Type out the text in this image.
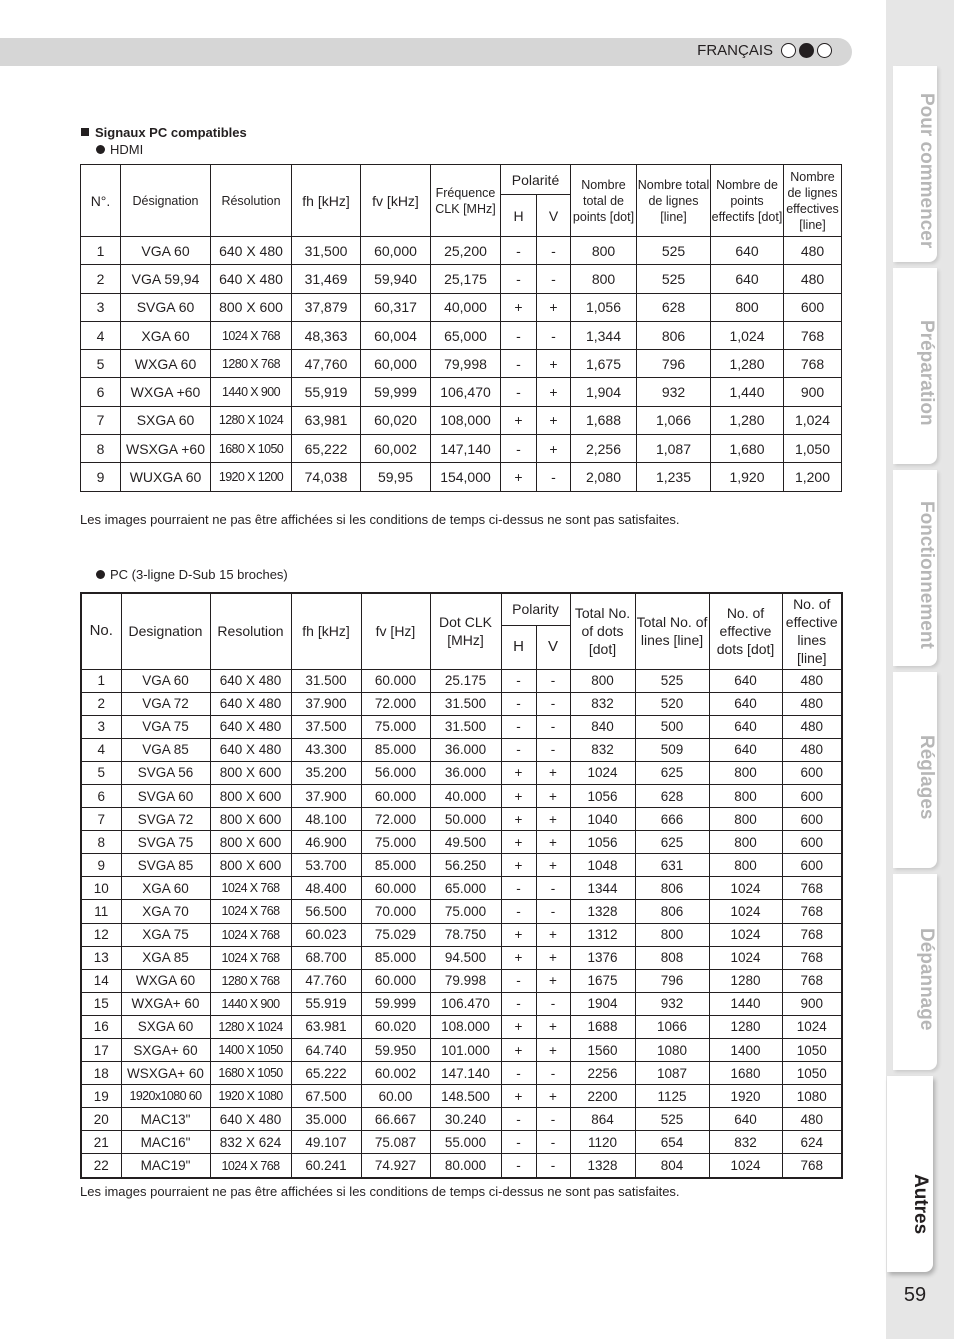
FRANÇAIS
Pour commencer
Préparation
Fonctionnement
Réglages
Dépannage
Autres
59
Signaux PC compatibles
HDMI
N°.	Désignation	Résolution	fh [kHz]	fv [kHz]	Fréquence CLK [MHz]	Polarité		Nombre total de points [dot]	Nombre total de lignes [line]	Nombre de points effectifs [dot]	Nombre de lignes effectives [line]
						H	V				
1	VGA 60	640 X 480	31,500	60,000	25,200	-	-	800	525	640	480
2	VGA 59,94	640 X 480	31,469	59,940	25,175	-	-	800	525	640	480
3	SVGA 60	800 X 600	37,879	60,317	40,000	+	+	1,056	628	800	600
4	XGA 60	1024 X 768	48,363	60,004	65,000	-	-	1,344	806	1,024	768
5	WXGA 60	1280 X 768	47,760	60,000	79,998	-	+	1,675	796	1,280	768
6	WXGA +60	1440 X 900	55,919	59,999	106,470	-	+	1,904	932	1,440	900
7	SXGA 60	1280 X 1024	63,981	60,020	108,000	+	+	1,688	1,066	1,280	1,024
8	WSXGA +60	1680 X 1050	65,222	60,002	147,140	-	+	2,256	1,087	1,680	1,050
9	WUXGA 60	1920 X 1200	74,038	59,95	154,000	+	-	2,080	1,235	1,920	1,200
Les images pourraient ne pas être affichées si les conditions de temps ci-dessus ne sont pas satisfaites.
PC (3-ligne D-Sub 15 broches)
No.	Designation	Resolution	fh [kHz]	fv [Hz]	Dot CLK [MHz]	Polarity		Total No. of dots [dot]	Total No. of lines [line]	No. of effective dots [dot]	No. of effective lines [line]
						H	V				
1	VGA 60	640 X 480	31.500	60.000	25.175	-	-	800	525	640	480
2	VGA 72	640 X 480	37.900	72.000	31.500	-	-	832	520	640	480
3	VGA 75	640 X 480	37.500	75.000	31.500	-	-	840	500	640	480
4	VGA 85	640 X 480	43.300	85.000	36.000	-	-	832	509	640	480
5	SVGA 56	800 X 600	35.200	56.000	36.000	+	+	1024	625	800	600
6	SVGA 60	800 X 600	37.900	60.000	40.000	+	+	1056	628	800	600
7	SVGA 72	800 X 600	48.100	72.000	50.000	+	+	1040	666	800	600
8	SVGA 75	800 X 600	46.900	75.000	49.500	+	+	1056	625	800	600
9	SVGA 85	800 X 600	53.700	85.000	56.250	+	+	1048	631	800	600
10	XGA 60	1024 X 768	48.400	60.000	65.000	-	-	1344	806	1024	768
11	XGA 70	1024 X 768	56.500	70.000	75.000	-	-	1328	806	1024	768
12	XGA 75	1024 X 768	60.023	75.029	78.750	+	+	1312	800	1024	768
13	XGA 85	1024 X 768	68.700	85.000	94.500	+	+	1376	808	1024	768
14	WXGA 60	1280 X 768	47.760	60.000	79.998	-	+	1675	796	1280	768
15	WXGA+ 60	1440 X 900	55.919	59.999	106.470	-	-	1904	932	1440	900
16	SXGA 60	1280 X 1024	63.981	60.020	108.000	+	+	1688	1066	1280	1024
17	SXGA+ 60	1400 X 1050	64.740	59.950	101.000	+	+	1560	1080	1400	1050
18	WSXGA+ 60	1680 X 1050	65.222	60.002	147.140	-	-	2256	1087	1680	1050
19	1920x1080 60	1920 X 1080	67.500	60.00	148.500	+	+	2200	1125	1920	1080
20	MAC13"	640 X 480	35.000	66.667	30.240	-	-	864	525	640	480
21	MAC16"	832 X 624	49.107	75.087	55.000	-	-	1120	654	832	624
22	MAC19"	1024 X 768	60.241	74.927	80.000	-	-	1328	804	1024	768
Les images pourraient ne pas être affichées si les conditions de temps ci-dessus ne sont pas satisfaites.
